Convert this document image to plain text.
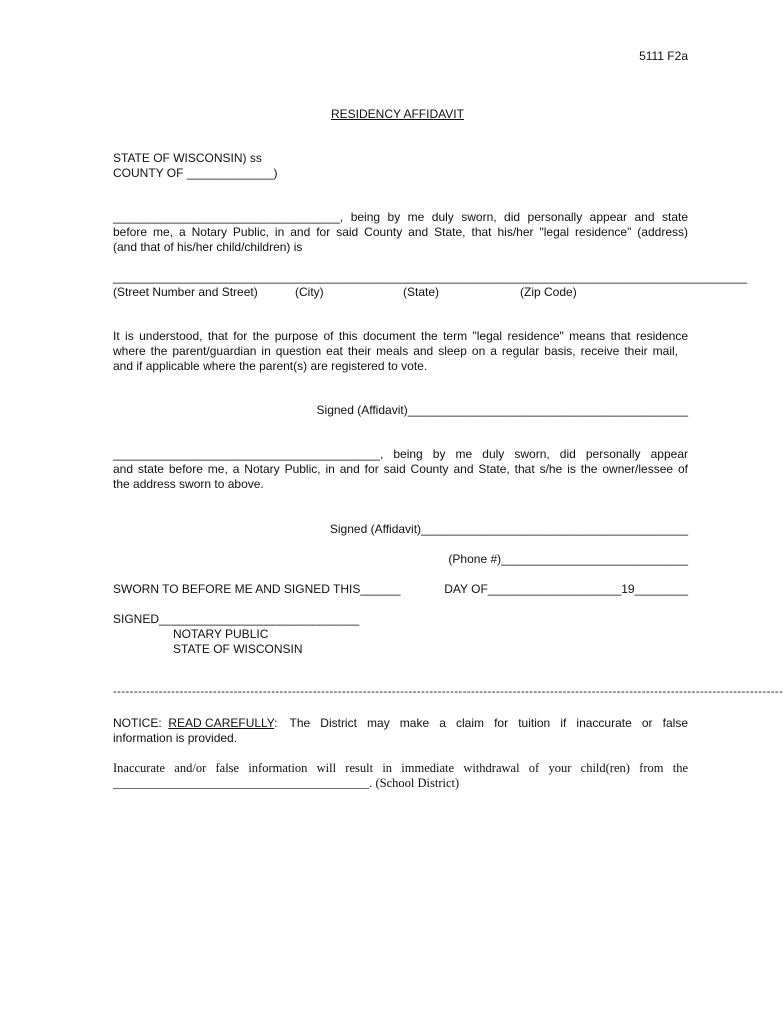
5111 F2a
RESIDENCY AFFIDAVIT
STATE OF WISCONSIN) ss
COUNTY OF _____________)
__________________________________, being by me duly sworn, did personally appear and state
before me, a Notary Public, in and for said County and State, that his/her "legal residence" (address)
(and that of his/her child/children) is
_______________________________________________________________________________________________
(Street Number and Street)	(City)	(State)	(Zip Code)
It is understood, that for the purpose of this document the term "legal residence" means that residence
where the parent/guardian in question eat their meals and sleep on a regular basis, receive their mail,
and if applicable where the parent(s) are registered to vote.
Signed (Affidavit)__________________________________________
________________________________________, being by me duly sworn, did personally appear
and state before me, a Notary Public, in and for said County and State, that s/he is the owner/lessee of
the address sworn to above.
Signed (Affidavit)________________________________________
(Phone #)____________________________
SWORN TO BEFORE ME AND SIGNED THIS______	DAY OF____________________19________
SIGNED______________________________
NOTARY PUBLIC
STATE OF WISCONSIN
-----------------------------------------------------------------------------------------------------------------------------------------------------------------
NOTICE: READ CAREFULLY: The District may make a claim for tuition if inaccurate or false
information is provided.
Inaccurate and/or false information will result in immediate withdrawal of your child(ren) from the
_________________________________________. (School District)
